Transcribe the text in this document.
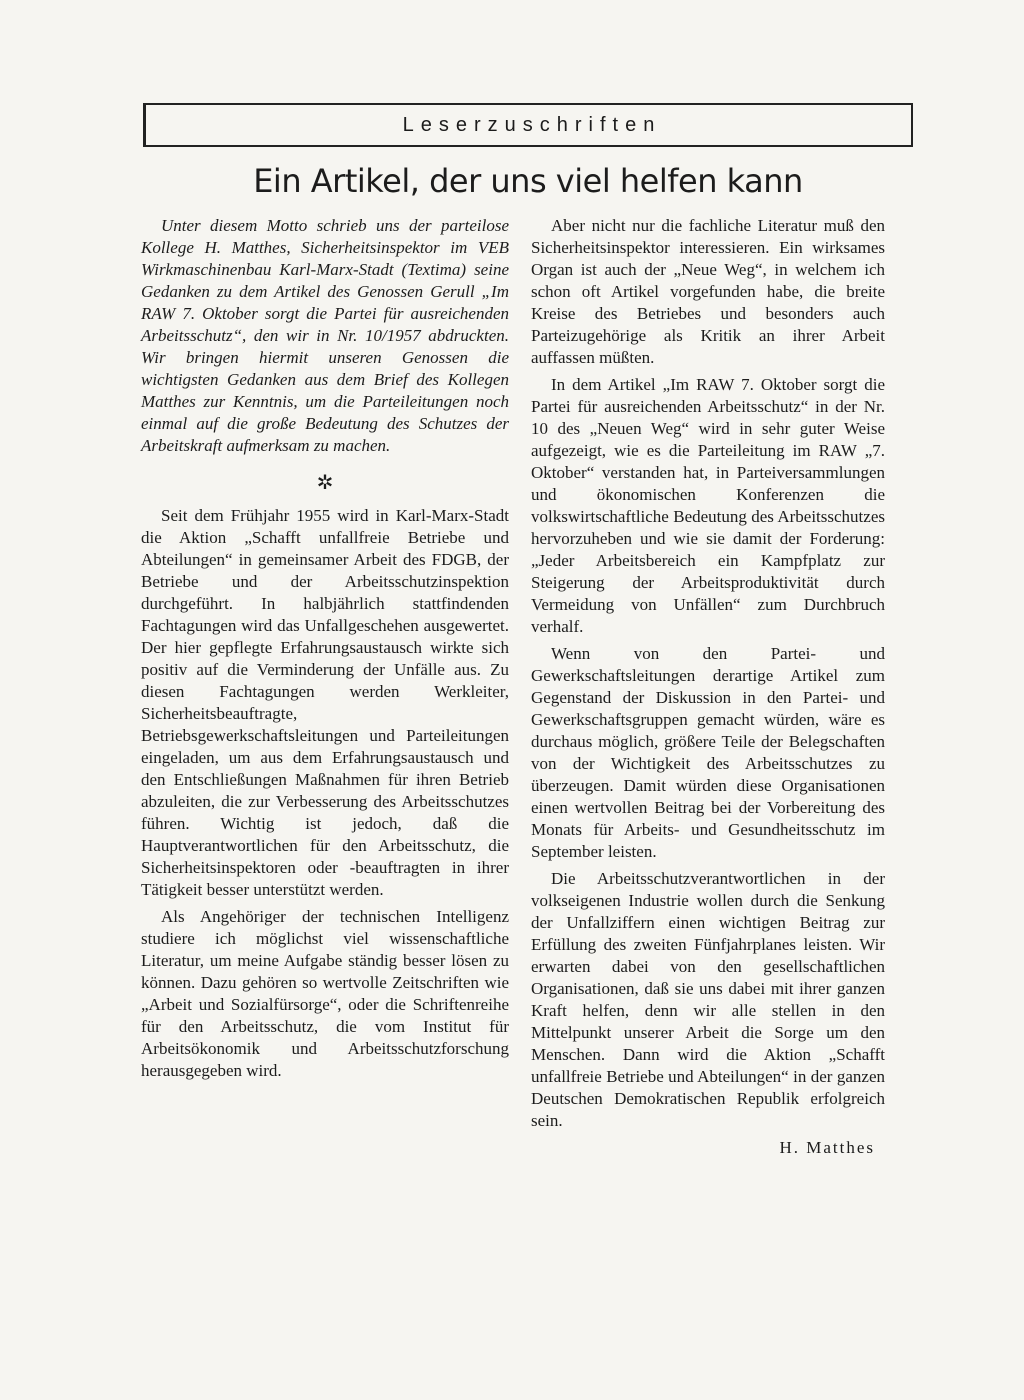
Leserzuschriften
Ein Artikel, der uns viel helfen kann

Unter diesem Motto schrieb uns der parteilose Kollege H. Matthes, Sicherheitsinspektor im VEB Wirkmaschinenbau Karl-Marx-Stadt (Textima) seine Gedanken zu dem Artikel des Genossen Gerull „Im RAW 7. Oktober sorgt die Partei für ausreichenden Arbeitsschutz“, den wir in Nr. 10/1957 abdruckten. Wir bringen hiermit unseren Genossen die wichtigsten Gedanken aus dem Brief des Kollegen Matthes zur Kenntnis, um die Parteileitungen noch einmal auf die große Bedeutung des Schutzes der Arbeitskraft aufmerksam zu machen.

✲

Seit dem Frühjahr 1955 wird in Karl-Marx-Stadt die Aktion „Schafft unfallfreie Betriebe und Abteilungen“ in gemeinsamer Arbeit des FDGB, der Betriebe und der Arbeitsschutzinspektion durchgeführt. In halbjährlich stattfindenden Fachtagungen wird das Unfallgeschehen ausgewertet. Der hier gepflegte Erfahrungsaustausch wirkte sich positiv auf die Verminderung der Unfälle aus. Zu diesen Fachtagungen werden Werkleiter, Sicherheitsbeauftragte, Betriebsgewerkschaftsleitungen und Parteileitungen eingeladen, um aus dem Erfahrungsaustausch und den Entschließungen Maßnahmen für ihren Betrieb abzuleiten, die zur Verbesserung des Arbeitsschutzes führen. Wichtig ist jedoch, daß die Hauptverantwortlichen für den Arbeitsschutz, die Sicherheitsinspektoren oder -beauftragten in ihrer Tätigkeit besser unterstützt werden.

Als Angehöriger der technischen Intelligenz studiere ich möglichst viel wissenschaftliche Literatur, um meine Aufgabe ständig besser lösen zu können. Dazu gehören so wertvolle Zeitschriften wie „Arbeit und Sozialfürsorge“, oder die Schriftenreihe für den Arbeitsschutz, die vom Institut für Arbeitsökonomik und Arbeitsschutzforschung herausgegeben wird.

Aber nicht nur die fachliche Literatur muß den Sicherheitsinspektor interessieren. Ein wirksames Organ ist auch der „Neue Weg“, in welchem ich schon oft Artikel vorgefunden habe, die breite Kreise des Betriebes und besonders auch Parteizugehörige als Kritik an ihrer Arbeit auffassen müßten.

In dem Artikel „Im RAW 7. Oktober sorgt die Partei für ausreichenden Arbeitsschutz“ in der Nr. 10 des „Neuen Weg“ wird in sehr guter Weise aufgezeigt, wie es die Parteileitung im RAW „7. Oktober“ verstanden hat, in Parteiversammlungen und ökonomischen Konferenzen die volkswirtschaftliche Bedeutung des Arbeitsschutzes hervorzuheben und wie sie damit der Forderung: „Jeder Arbeitsbereich ein Kampfplatz zur Steigerung der Arbeitsproduktivität durch Vermeidung von Unfällen“ zum Durchbruch verhalf.

Wenn von den Partei- und Gewerkschaftsleitungen derartige Artikel zum Gegenstand der Diskussion in den Partei- und Gewerkschaftsgruppen gemacht würden, wäre es durchaus möglich, größere Teile der Belegschaften von der Wichtigkeit des Arbeitsschutzes zu überzeugen. Damit würden diese Organisationen einen wertvollen Beitrag bei der Vorbereitung des Monats für Arbeits- und Gesundheitsschutz im September leisten.

Die Arbeitsschutzverantwortlichen in der volkseigenen Industrie wollen durch die Senkung der Unfallziffern einen wichtigen Beitrag zur Erfüllung des zweiten Fünfjahrplanes leisten. Wir erwarten dabei von den gesellschaftlichen Organisationen, daß sie uns dabei mit ihrer ganzen Kraft helfen, denn wir alle stellen in den Mittelpunkt unserer Arbeit die Sorge um den Menschen. Dann wird die Aktion „Schafft unfallfreie Betriebe und Abteilungen“ in der ganzen Deutschen Demokratischen Republik erfolgreich sein.

H. Matthes
